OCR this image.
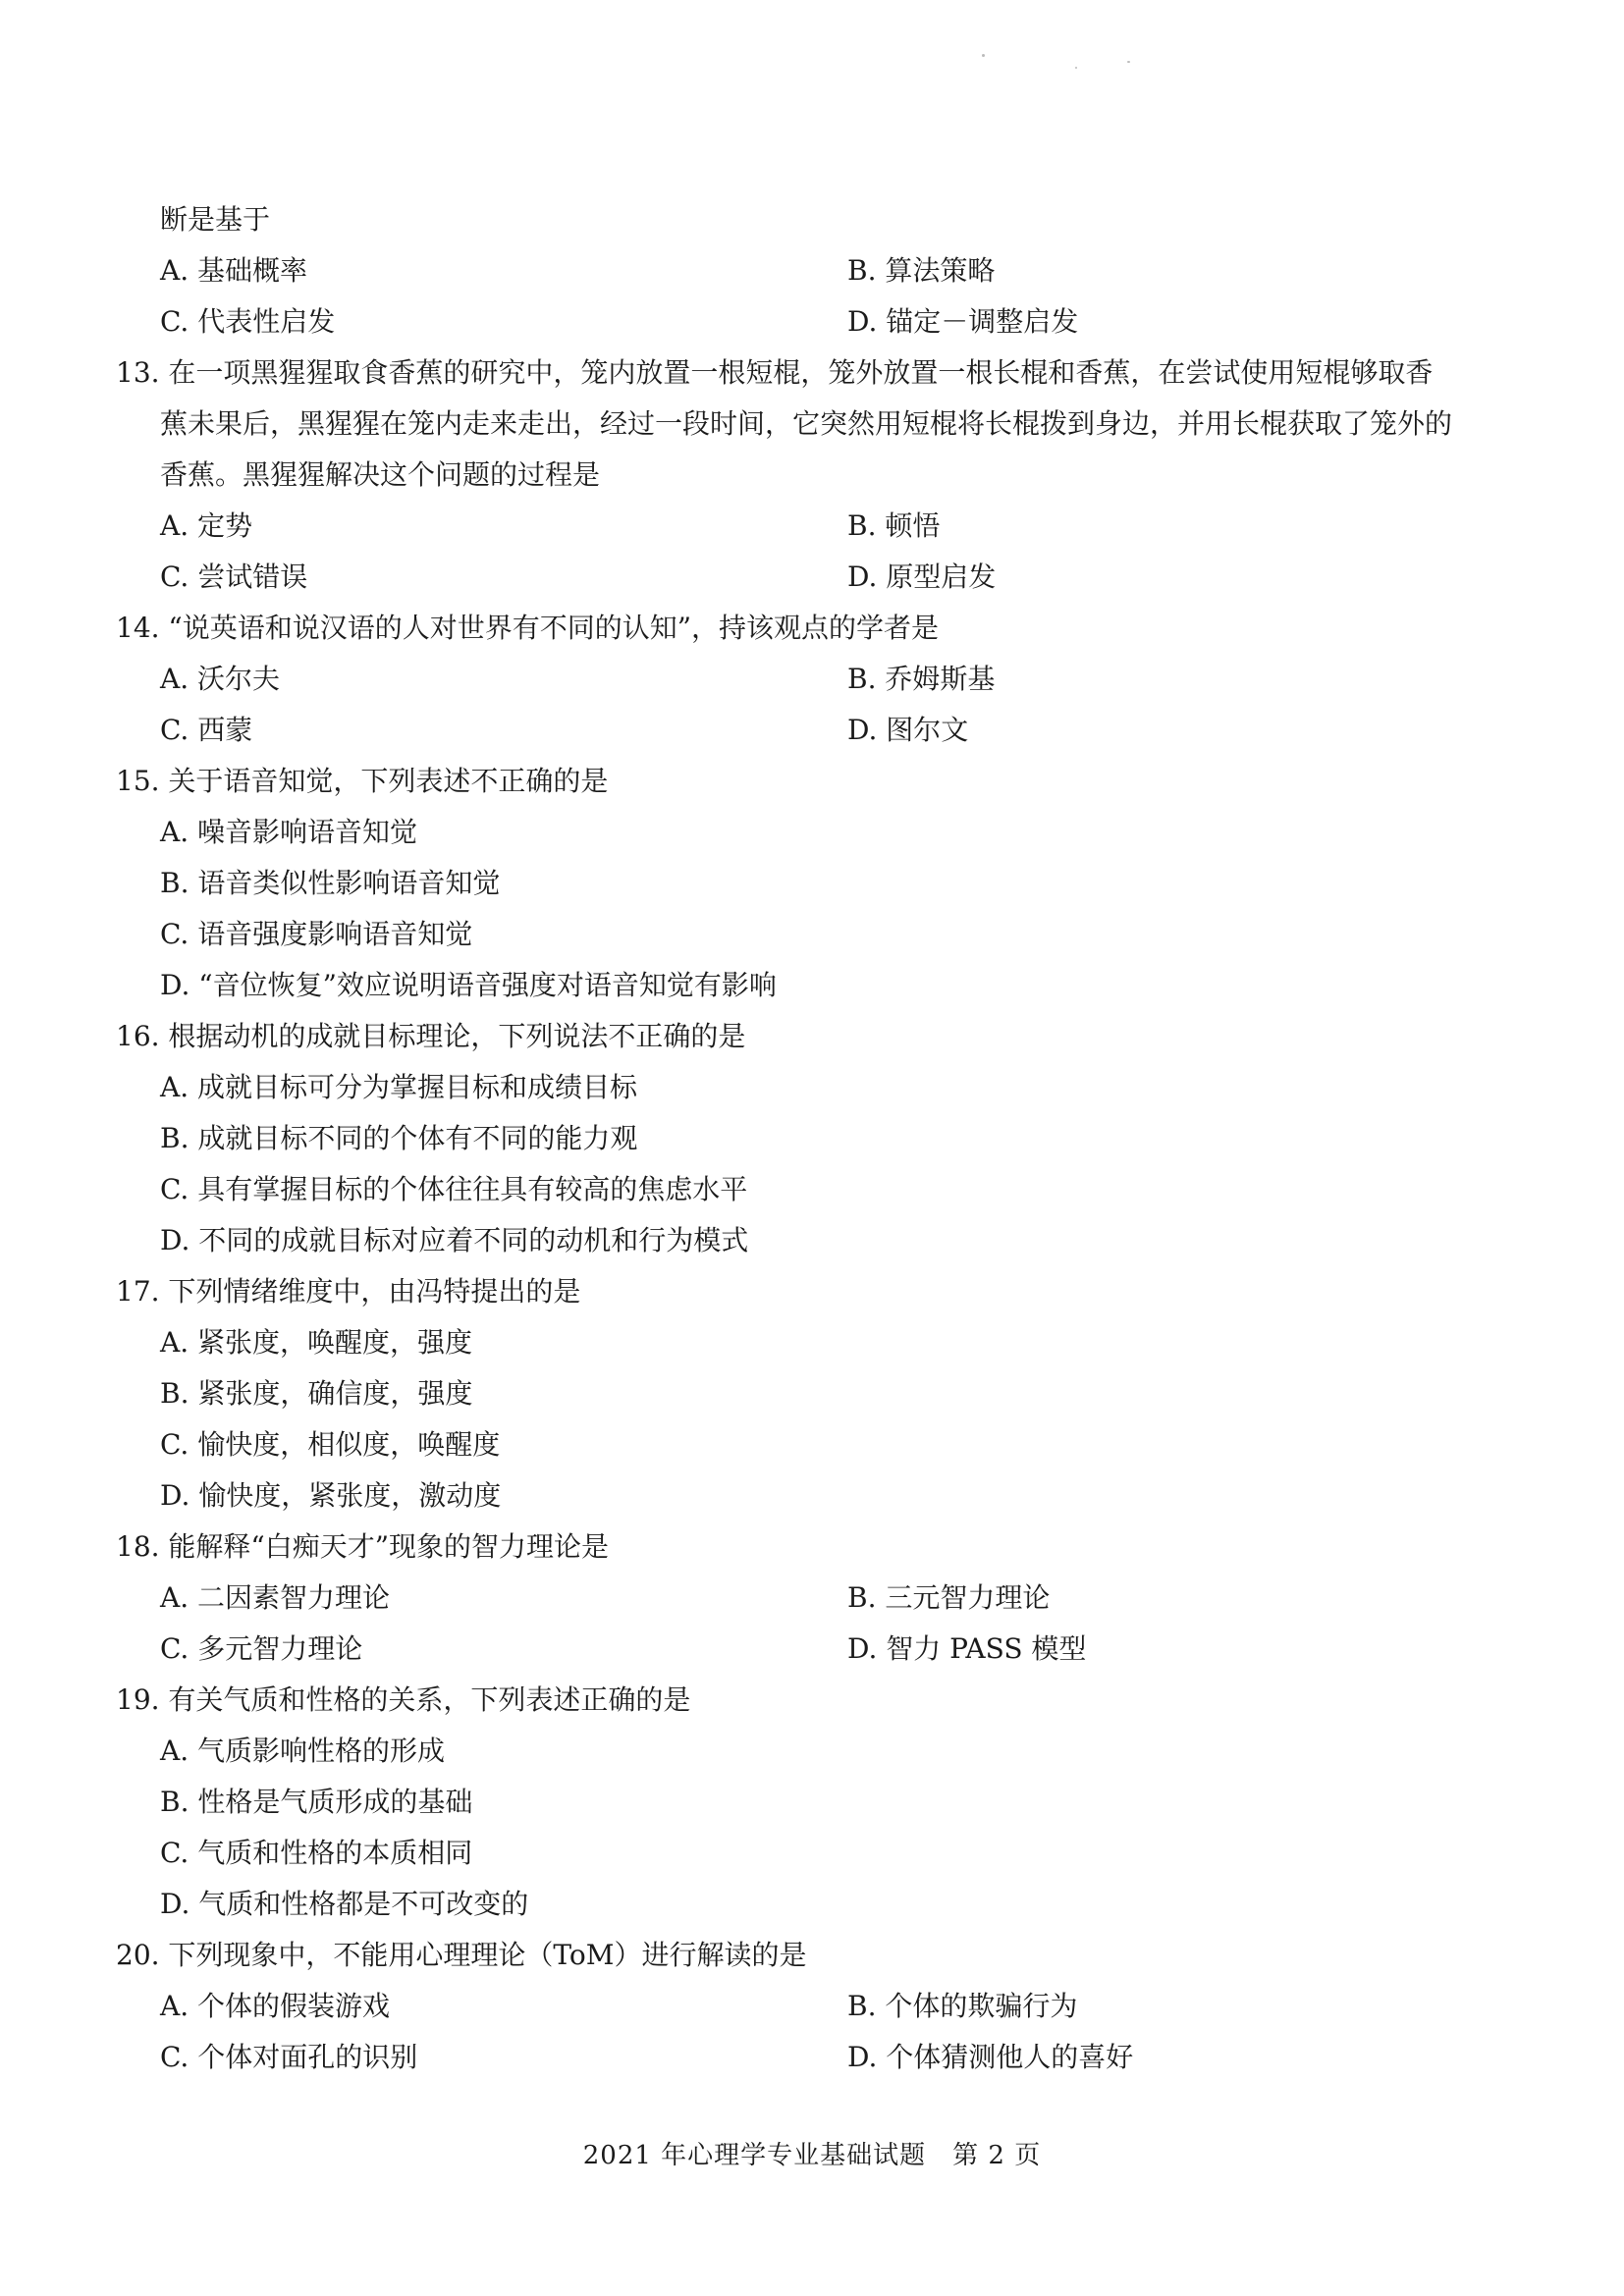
断是基于
A. 基础概率	B. 算法策略
C. 代表性启发	D. 锚定－调整启发
13. 在一项黑猩猩取食香蕉的研究中，笼内放置一根短棍，笼外放置一根长棍和香蕉，在尝试使用短棍够取香
蕉未果后，黑猩猩在笼内走来走出，经过一段时间，它突然用短棍将长棍拨到身边，并用长棍获取了笼外的
香蕉。黑猩猩解决这个问题的过程是
A. 定势	B. 顿悟
C. 尝试错误	D. 原型启发
14. “说英语和说汉语的人对世界有不同的认知”，持该观点的学者是
A. 沃尔夫	B. 乔姆斯基
C. 西蒙	D. 图尔文
15. 关于语音知觉，下列表述不正确的是
A. 噪音影响语音知觉
B. 语音类似性影响语音知觉
C. 语音强度影响语音知觉
D. “音位恢复”效应说明语音强度对语音知觉有影响
16. 根据动机的成就目标理论，下列说法不正确的是
A. 成就目标可分为掌握目标和成绩目标
B. 成就目标不同的个体有不同的能力观
C. 具有掌握目标的个体往往具有较高的焦虑水平
D. 不同的成就目标对应着不同的动机和行为模式
17. 下列情绪维度中，由冯特提出的是
A. 紧张度，唤醒度，强度
B. 紧张度，确信度，强度
C. 愉快度，相似度，唤醒度
D. 愉快度，紧张度，激动度
18. 能解释“白痴天才”现象的智力理论是
A. 二因素智力理论	B. 三元智力理论
C. 多元智力理论	D. 智力 PASS 模型
19. 有关气质和性格的关系，下列表述正确的是
A. 气质影响性格的形成
B. 性格是气质形成的基础
C. 气质和性格的本质相同
D. 气质和性格都是不可改变的
20. 下列现象中，不能用心理理论（ToM）进行解读的是
A. 个体的假装游戏	B. 个体的欺骗行为
C. 个体对面孔的识别	D. 个体猜测他人的喜好
2021 年心理学专业基础试题　第 2 页
